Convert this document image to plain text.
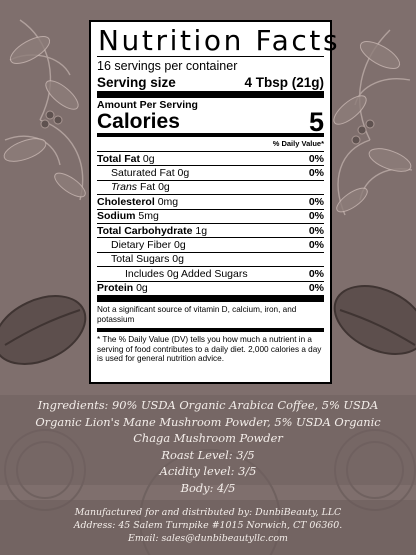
Nutrition Facts
16 servings per container
Serving size	4 Tbsp (21g)
Amount Per Serving
Calories	5
% Daily Value*
Total Fat 0g	0%
Saturated Fat 0g	0%
Trans Fat 0g
Cholesterol 0mg	0%
Sodium 5mg	0%
Total Carbohydrate 1g	0%
Dietary Fiber 0g	0%
Total Sugars 0g
Includes 0g Added Sugars	0%
Protein 0g	0%
Not a significant source of vitamin D, calcium, iron, and potassium
* The % Daily Value (DV) tells you how much a nutrient in a serving of food contributes to a daily diet. 2,000 calories a day is used for general nutrition advice.
Ingredients: 90% USDA Organic Arabica Coffee, 5% USDA Organic Lion's Mane Mushroom Powder, 5% USDA Organic Chaga Mushroom Powder
Roast Level: 3/5
Acidity level: 3/5
Body: 4/5
Manufactured for and distributed by: DunbiBeauty, LLC Address: 45 Salem Turnpike #1015 Norwich, CT 06360. Email: sales@dunbibeautyllc.com
